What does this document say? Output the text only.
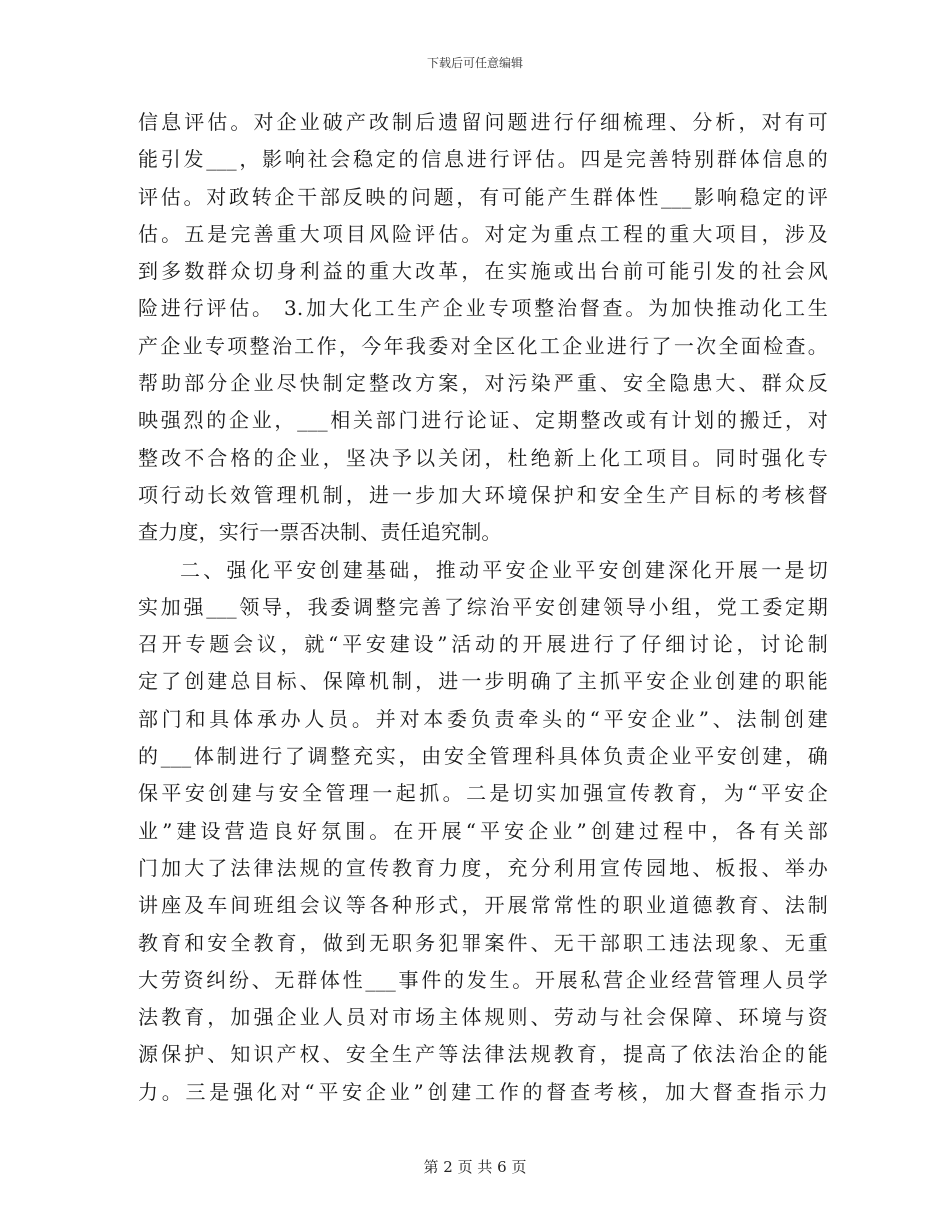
下载后可任意编辑
信息评估。对企业破产改制后遗留问题进行仔细梳理、分析，对有可
能引发___，影响社会稳定的信息进行评估。四是完善特别群体信息的
评估。对政转企干部反映的问题，有可能产生群体性___影响稳定的评
估。五是完善重大项目风险评估。对定为重点工程的重大项目，涉及
到多数群众切身利益的重大改革，在实施或出台前可能引发的社会风
险进行评估。 3.加大化工生产企业专项整治督查。为加快推动化工生
产企业专项整治工作，今年我委对全区化工企业进行了一次全面检查。
帮助部分企业尽快制定整改方案，对污染严重、安全隐患大、群众反
映强烈的企业，___相关部门进行论证、定期整改或有计划的搬迁，对
整改不合格的企业，坚决予以关闭，杜绝新上化工项目。同时强化专
项行动长效管理机制，进一步加大环境保护和安全生产目标的考核督
查力度，实行一票否决制、责任追究制。
二、强化平安创建基础，推动平安企业平安创建深化开展一是切
实加强___领导，我委调整完善了综治平安创建领导小组，党工委定期
召开专题会议，就“平安建设”活动的开展进行了仔细讨论，讨论制
定了创建总目标、保障机制，进一步明确了主抓平安企业创建的职能
部门和具体承办人员。并对本委负责牵头的“平安企业”、法制创建
的___体制进行了调整充实，由安全管理科具体负责企业平安创建，确
保平安创建与安全管理一起抓。二是切实加强宣传教育，为“平安企
业”建设营造良好氛围。在开展“平安企业”创建过程中，各有关部
门加大了法律法规的宣传教育力度，充分利用宣传园地、板报、举办
讲座及车间班组会议等各种形式，开展常常性的职业道德教育、法制
教育和安全教育，做到无职务犯罪案件、无干部职工违法现象、无重
大劳资纠纷、无群体性___事件的发生。开展私营企业经营管理人员学
法教育，加强企业人员对市场主体规则、劳动与社会保障、环境与资
源保护、知识产权、安全生产等法律法规教育，提高了依法治企的能
力。三是强化对“平安企业”创建工作的督查考核，加大督查指示力
第 2 页 共 6 页
